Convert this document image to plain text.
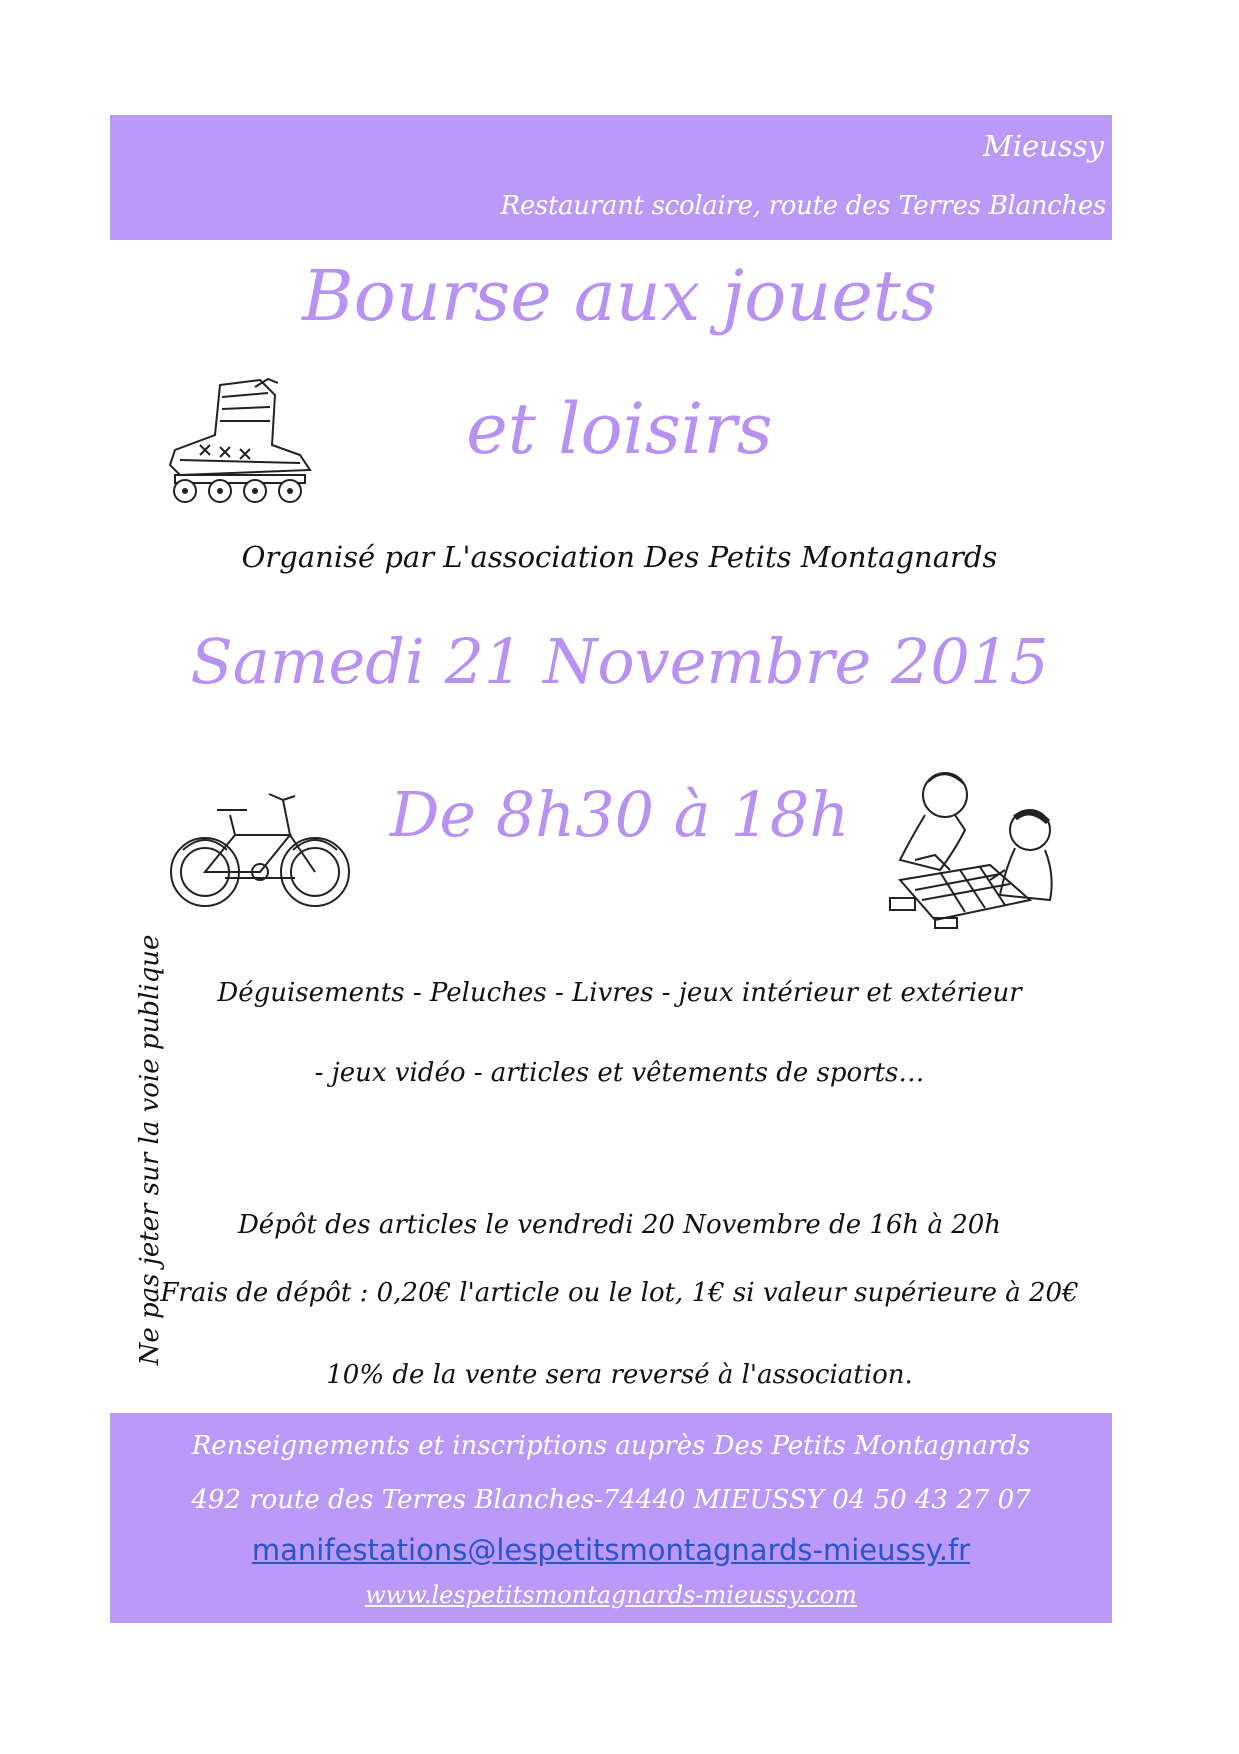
Mieussy
Restaurant scolaire, route des Terres Blanches
Bourse aux jouets
et loisirs
Organisé par L'association Des Petits Montagnards
Samedi 21 Novembre 2015
De 8h30 à 18h
Déguisements - Peluches - Livres - jeux intérieur et extérieur
- jeux vidéo - articles et vêtements de sports…
Ne pas jeter sur la voie publique	Dépôt des articles le vendredi 20 Novembre de 16h à 20h
Frais de dépôt : 0,20€ l'article ou le lot, 1€ si valeur supérieure à 20€
10% de la vente sera reversé à l'association.
Renseignements et inscriptions auprès Des Petits Montagnards
492 route des Terres Blanches-74440 MIEUSSY 04 50 43 27 07
manifestations@lespetitsmontagnards-mieussy.fr
www.lespetitsmontagnards-mieussy.com
